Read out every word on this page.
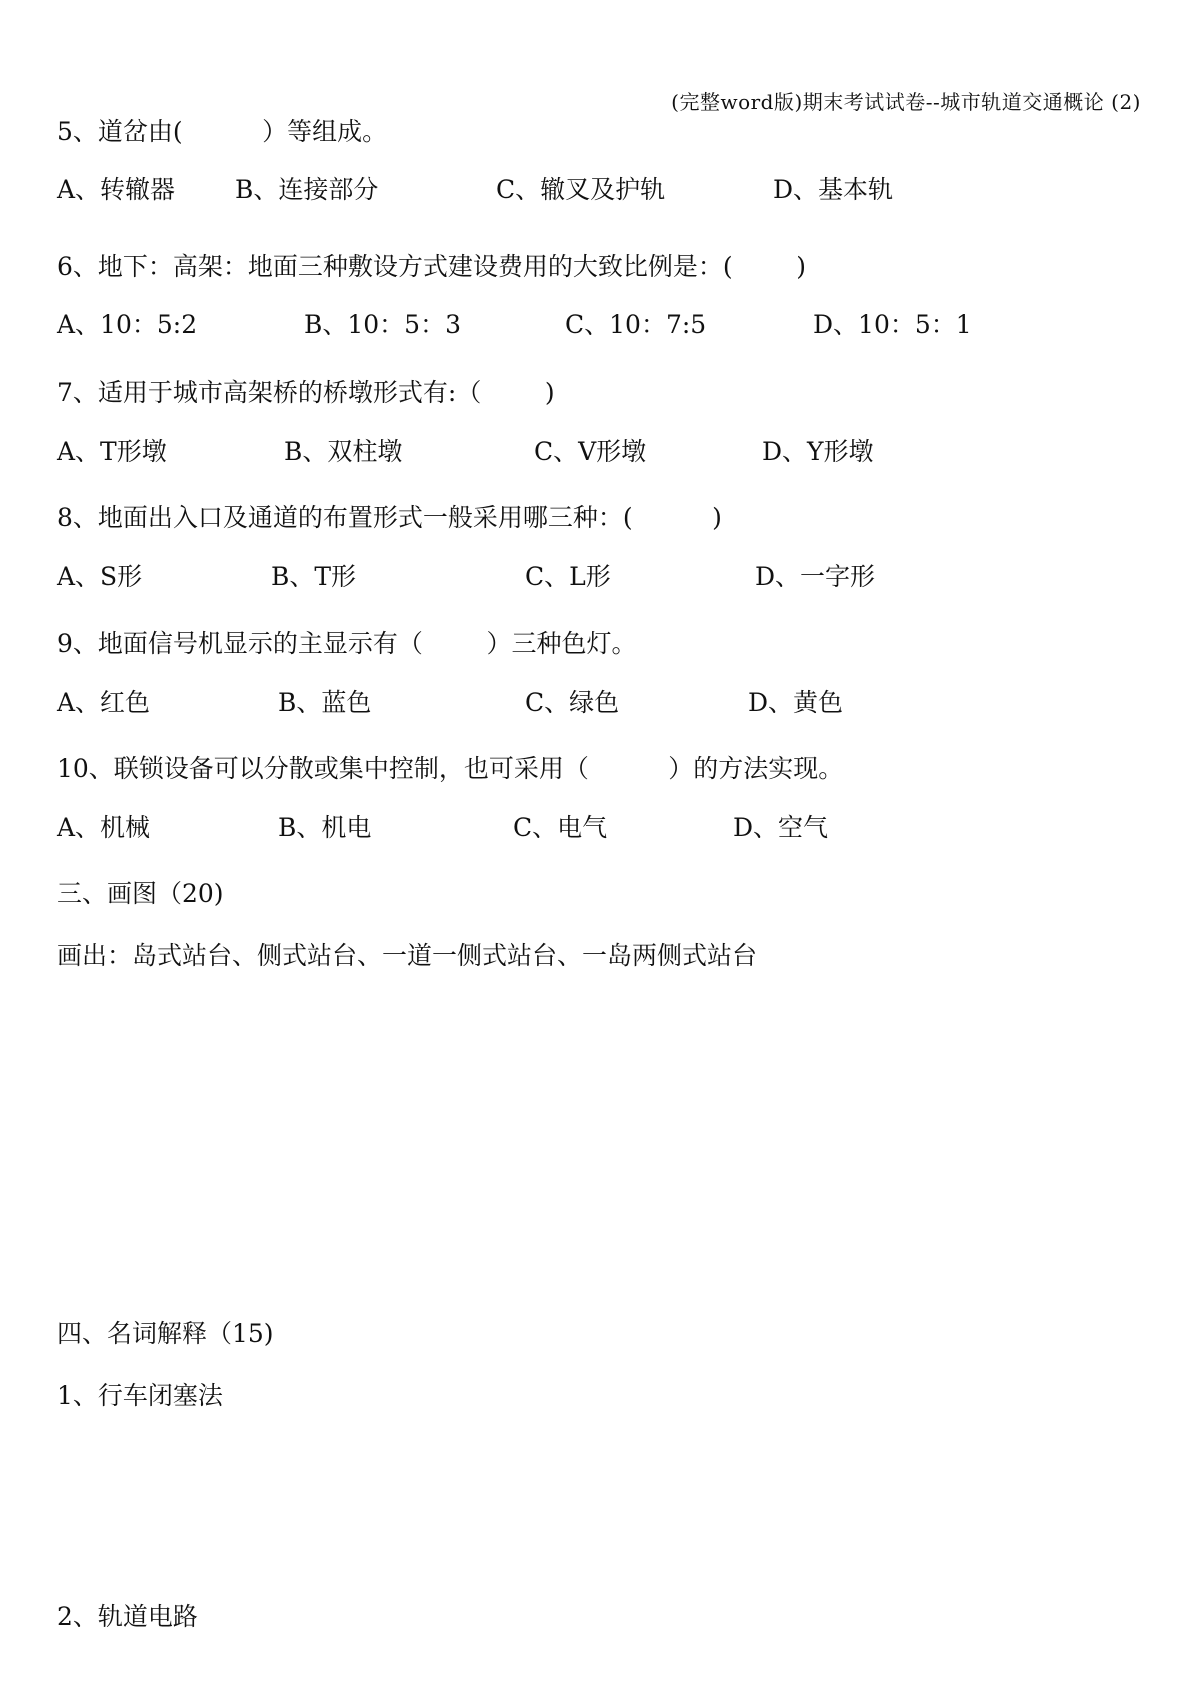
(完整word版)期末考试试卷--城市轨道交通概论 (2)
5、道岔由(          ）等组成。

A、转辙器

B、连接部分

	C、辙叉及护轨

	D、基本轨

6、地下：高架：地面三种敷设方式建设费用的大致比例是：(        )

A、10：5:2

	B、10：5：3

	C、10：7:5

	D、10：5：1

7、适用于城市高架桥的桥墩形式有:（        )

A、T形墩

	B、双柱墩

	C、V形墩

	D、Y形墩

8、地面出入口及通道的布置形式一般采用哪三种：(          )

A、S形

	B、T形

	C、L形

	D、一字形

9、地面信号机显示的主显示有（        ）三种色灯。

A、红色

	B、蓝色

	C、绿色

	D、黄色

10、联锁设备可以分散或集中控制，也可采用（          ）的方法实现。

A、机械

	B、机电

	C、电气

	D、空气

三、画图（20)
画出：岛式站台、侧式站台、一道一侧式站台、一岛两侧式站台
四、名词解释（15)
1、行车闭塞法
2、轨道电路
